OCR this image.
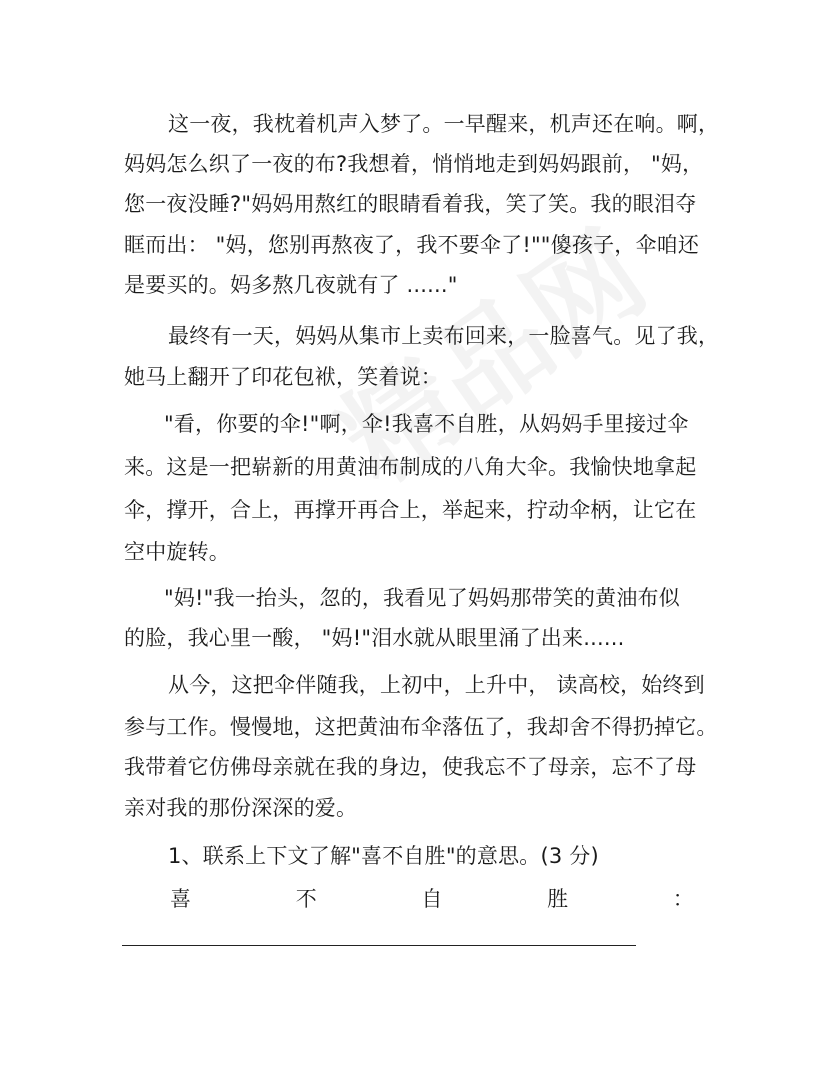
这一夜，我枕着机声入梦了。一早醒来，机声还在响。啊，
妈妈怎么织了一夜的布?我想着，悄悄地走到妈妈跟前， "妈，
您一夜没睡?"妈妈用熬红的眼睛看着我，笑了笑。我的眼泪夺
眶而出： "妈，您别再熬夜了，我不要伞了!""傻孩子，伞咱还
是要买的。妈多熬几夜就有了 ......"
最终有一天，妈妈从集市上卖布回来，一脸喜气。见了我，
她马上翻开了印花包袱，笑着说：
"看，你要的伞!"啊，伞!我喜不自胜，从妈妈手里接过伞
来。这是一把崭新的用黄油布制成的八角大伞。我愉快地拿起
伞，撑开，合上，再撑开再合上，举起来，拧动伞柄，让它在
空中旋转。
"妈!"我一抬头，忽的，我看见了妈妈那带笑的黄油布似
的脸，我心里一酸， "妈!"泪水就从眼里涌了出来......
从今，这把伞伴随我，上初中，上升中， 读高校，始终到
参与工作。慢慢地，这把黄油布伞落伍了，我却舍不得扔掉它。
我带着它仿佛母亲就在我的身边，使我忘不了母亲，忘不了母
亲对我的那份深深的爱。
1、联系上下文了解"喜不自胜"的意思。(3 分)
喜	不	自	胜	：
